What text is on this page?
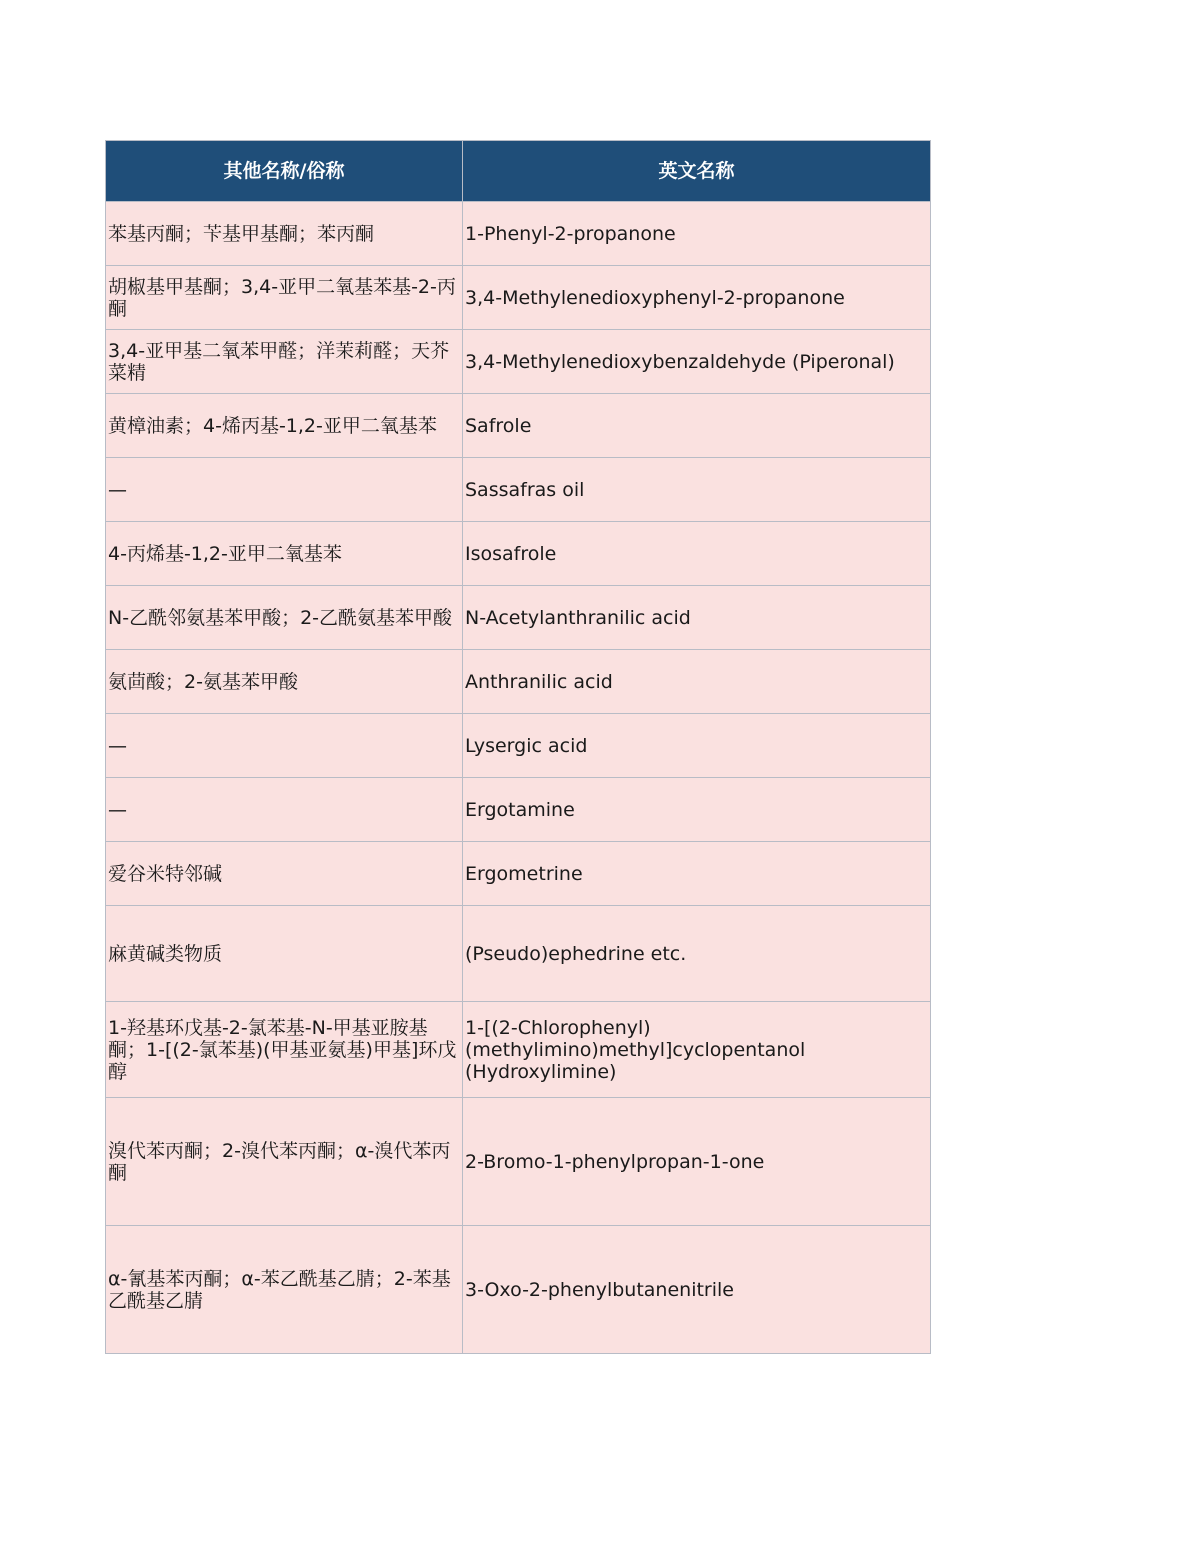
其他名称/俗称	英文名称
苯基丙酮；苄基甲基酮；苯丙酮	1-Phenyl-2-propanone
胡椒基甲基酮；3,4-亚甲二氧基苯基-2-丙酮	3,4-Methylenedioxyphenyl-2-propanone
3,4-亚甲基二氧苯甲醛；洋茉莉醛；天芥菜精	3,4-Methylenedioxybenzaldehyde (Piperonal)
黄樟油素；4-烯丙基-1,2-亚甲二氧基苯	Safrole
—	Sassafras oil
4-丙烯基-1,2-亚甲二氧基苯	Isosafrole
N-乙酰邻氨基苯甲酸；2-乙酰氨基苯甲酸	N-Acetylanthranilic acid
氨茴酸；2-氨基苯甲酸	Anthranilic acid
—	Lysergic acid
—	Ergotamine
爱谷米特邻碱	Ergometrine
麻黄碱类物质	(Pseudo)ephedrine etc.
1-羟基环戊基-2-氯苯基-N-甲基亚胺基酮；1-[(2-氯苯基)(甲基亚氨基)甲基]环戊醇	1-[(2-Chlorophenyl)(methylimino)methyl]cyclopentanol (Hydroxylimine)
溴代苯丙酮；2-溴代苯丙酮；α-溴代苯丙酮	2-Bromo-1-phenylpropan-1-one
α-氰基苯丙酮；α-苯乙酰基乙腈；2-苯基乙酰基乙腈	3-Oxo-2-phenylbutanenitrile
